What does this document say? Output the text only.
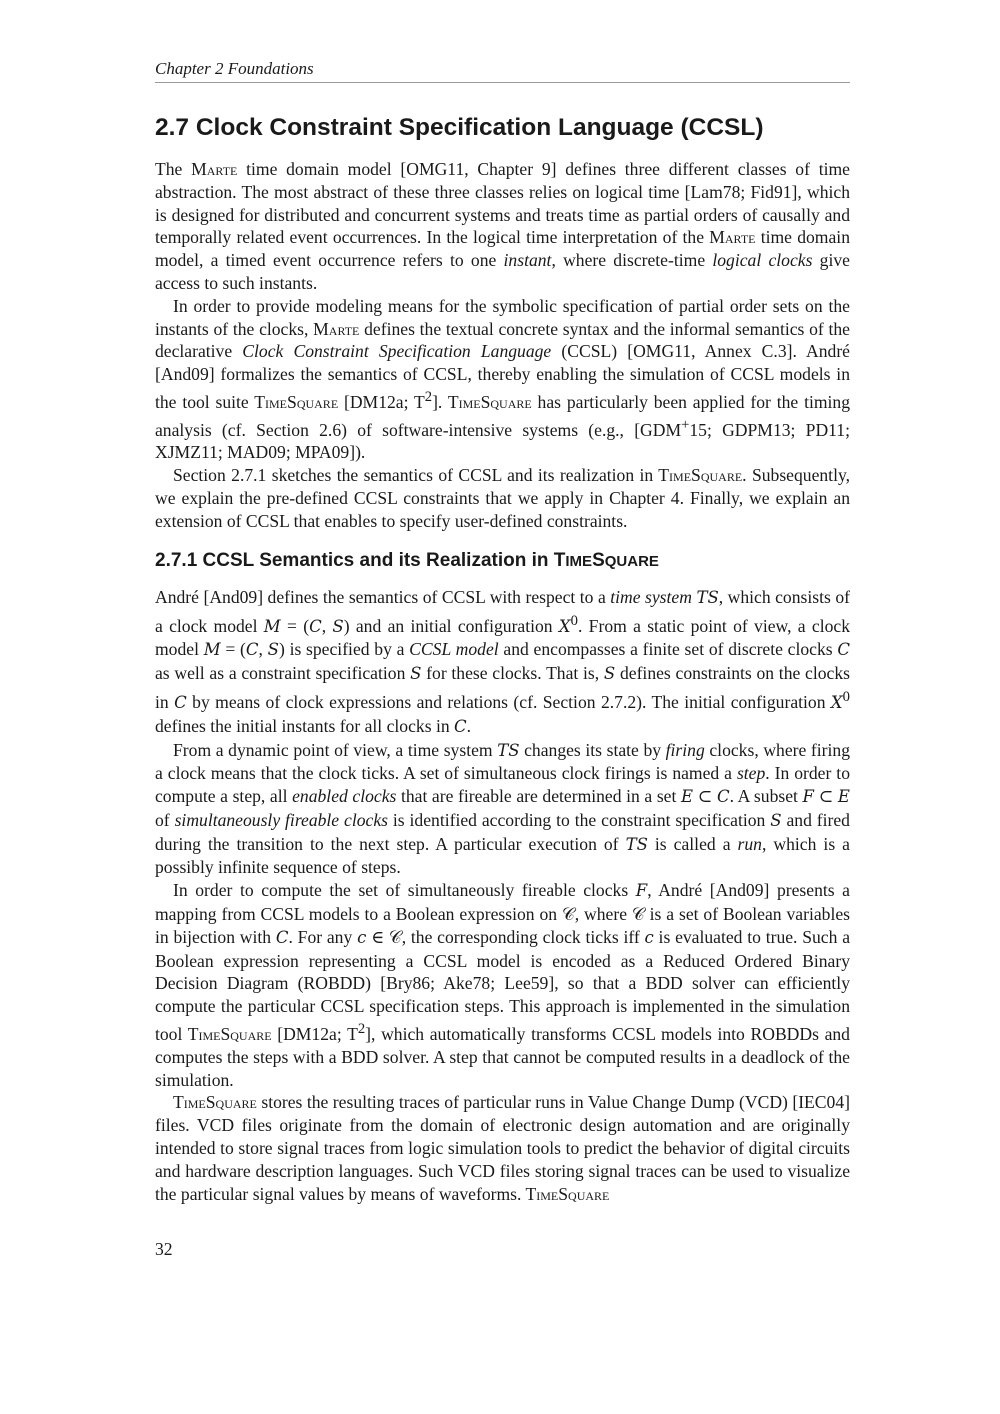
Chapter 2 Foundations
2.7 Clock Constraint Specification Language (CCSL)

The Marte time domain model [OMG11, Chapter 9] defines three different classes of time abstraction. The most abstract of these three classes relies on logical time [Lam78; Fid91], which is designed for distributed and concurrent systems and treats time as partial orders of causally and temporally related event occurrences. In the logical time interpretation of the Marte time domain model, a timed event occurrence refers to one instant, where discrete-time logical clocks give access to such instants.

In order to provide modeling means for the symbolic specification of partial order sets on the instants of the clocks, Marte defines the textual concrete syntax and the informal semantics of the declarative Clock Constraint Specification Language (CCSL) [OMG11, Annex C.3]. André [And09] formalizes the semantics of CCSL, thereby enabling the simulation of CCSL models in the tool suite TimeSquare [DM12a; $T^2$]. TimeSquare has particularly been applied for the timing analysis (cf. Section 2.6) of software-intensive systems (e.g., [GDM+15; GDPM13; PD11; XJMZ11; MAD09; MPA09]).

Section 2.7.1 sketches the semantics of CCSL and its realization in TimeSquare. Subsequently, we explain the pre-defined CCSL constraints that we apply in Chapter 4. Finally, we explain an extension of CCSL that enables to specify user-defined constraints.

2.7.1 CCSL Semantics and its Realization in TIMESQUARE

André [And09] defines the semantics of CCSL with respect to a time system TS, which consists of a clock model M = (C, S) and an initial configuration $X^0$. From a static point of view, a clock model M = (C, S) is specified by a CCSL model and encompasses a finite set of discrete clocks C as well as a constraint specification S for these clocks. That is, S defines constraints on the clocks in C by means of clock expressions and relations (cf. Section 2.7.2). The initial configuration $X^0$ defines the initial instants for all clocks in C.

From a dynamic point of view, a time system TS changes its state by firing clocks, where firing a clock means that the clock ticks. A set of simultaneous clock firings is named a step. In order to compute a step, all enabled clocks that are fireable are determined in a set E ⊂ C. A subset F ⊂ E of simultaneously fireable clocks is identified according to the constraint specification S and fired during the transition to the next step. A particular execution of TS is called a run, which is a possibly infinite sequence of steps.

In order to compute the set of simultaneously fireable clocks F, André [And09] presents a mapping from CCSL models to a Boolean expression on 𝒞, where 𝒞 is a set of Boolean variables in bijection with C. For any c ∈ 𝒞, the corresponding clock ticks iff c is evaluated to true. Such a Boolean expression representing a CCSL model is encoded as a Reduced Ordered Binary Decision Diagram (ROBDD) [Bry86; Ake78; Lee59], so that a BDD solver can efficiently compute the particular CCSL specification steps. This approach is implemented in the simulation tool TimeSquare [DM12a; $T^2$], which automatically transforms CCSL models into ROBDDs and computes the steps with a BDD solver. A step that cannot be computed results in a deadlock of the simulation.

TimeSquare stores the resulting traces of particular runs in Value Change Dump (VCD) [IEC04] files. VCD files originate from the domain of electronic design automation and are originally intended to store signal traces from logic simulation tools to predict the behavior of digital circuits and hardware description languages. Such VCD files storing signal traces can be used to visualize the particular signal values by means of waveforms. TimeSquare

32
